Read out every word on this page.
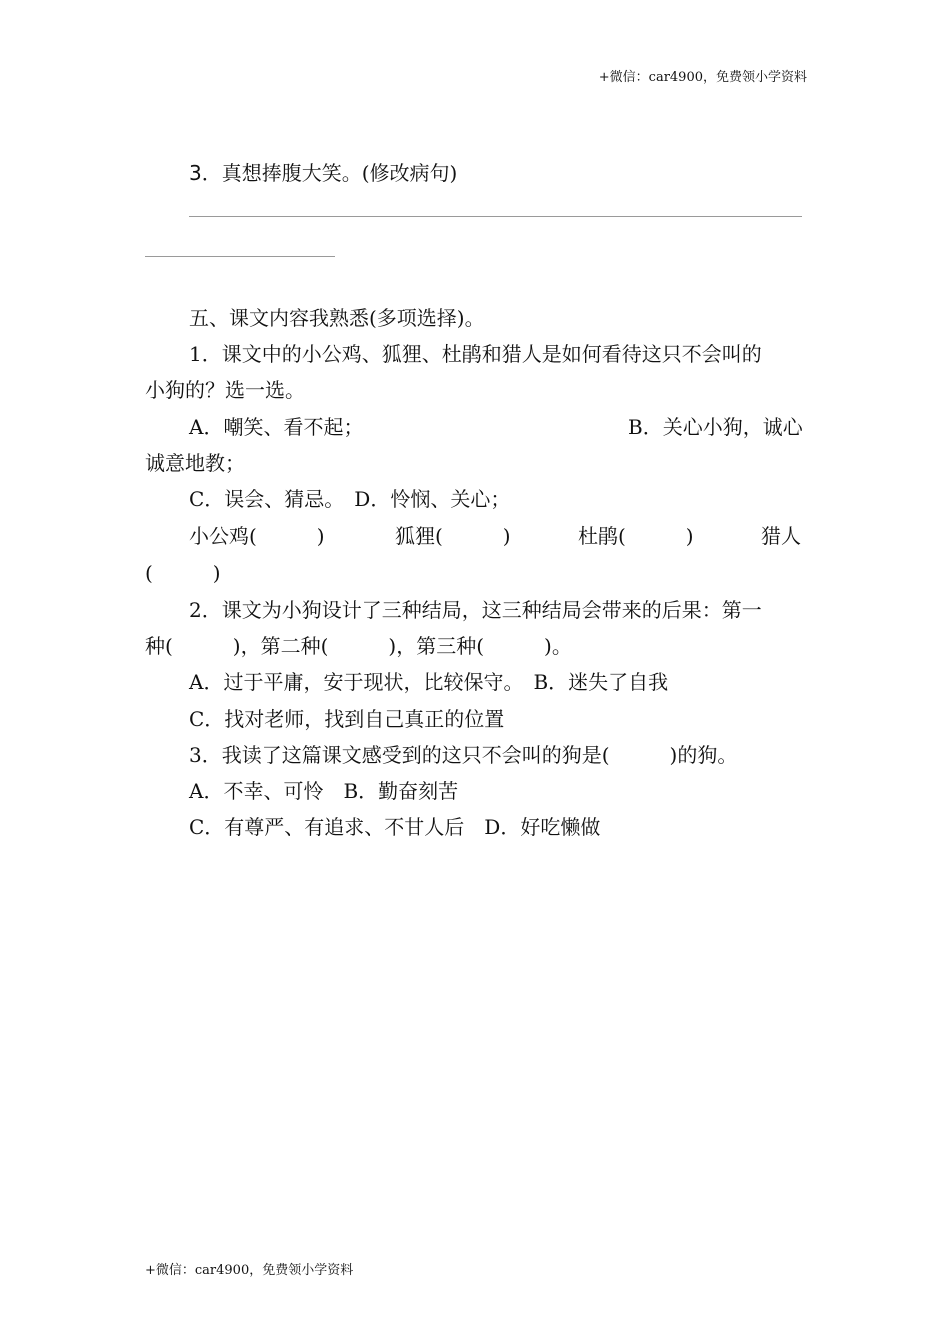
+微信：car4900，免费领小学资料
3．真想捧腹大笑。(修改病句)
五、课文内容我熟悉(多项选择)。
1．课文中的小公鸡、狐狸、杜鹃和猎人是如何看待这只不会叫的
小狗的？选一选。
A．嘲笑、看不起；	B．关心小狗，诚心
诚意地教；
C．误会、猜忌。　D．怜悯、关心；
小公鸡(　　　)	狐狸(　　　)	杜鹃(　　　)	猎人
(　　　)
2．课文为小狗设计了三种结局，这三种结局会带来的后果：第一
种(　　　)，第二种(　　　)，第三种(　　　)。
A．过于平庸，安于现状，比较保守。　B．迷失了自我
C．找对老师，找到自己真正的位置
3．我读了这篇课文感受到的这只不会叫的狗是(　　　)的狗。
A．不幸、可怜　B．勤奋刻苦
C．有尊严、有追求、不甘人后　D．好吃懒做
+微信：car4900，免费领小学资料
